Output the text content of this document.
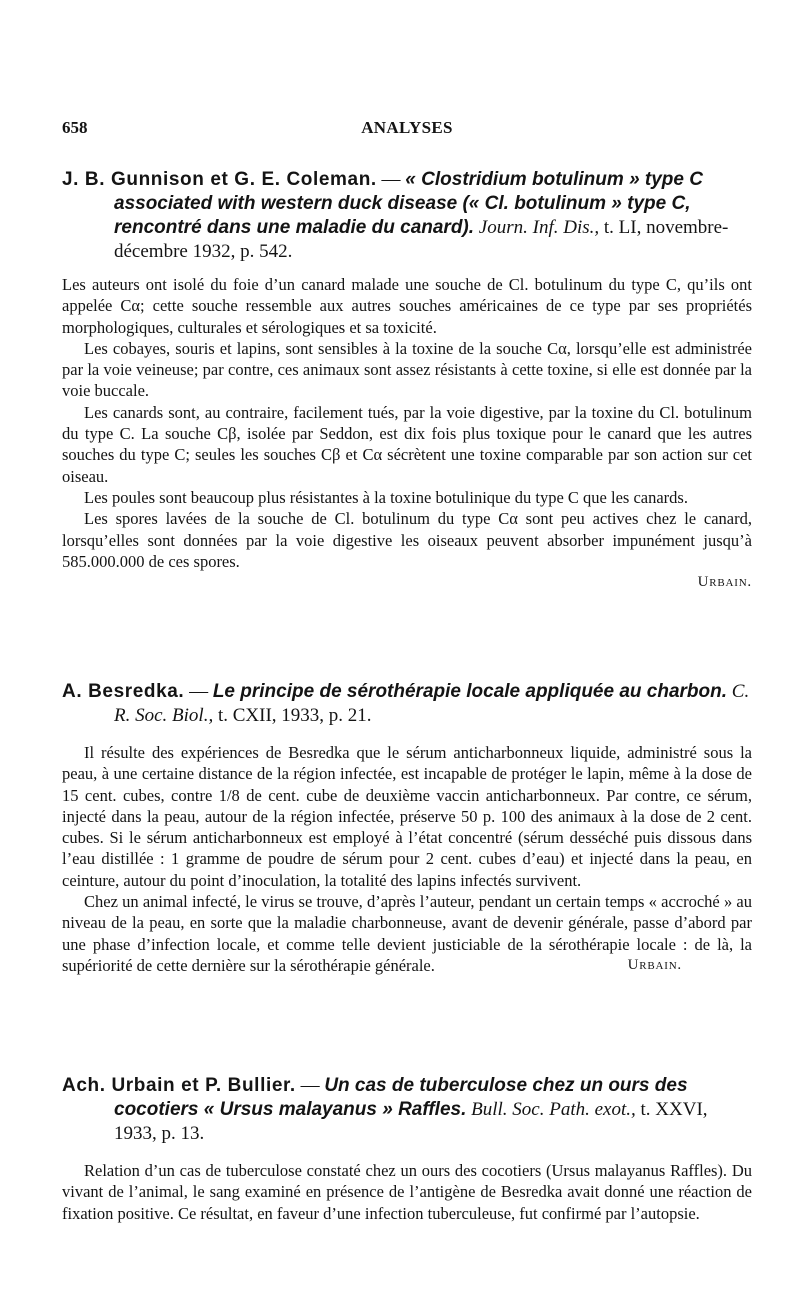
658	ANALYSES

J. B. Gunnison et G. E. Coleman. — « Clostridium botulinum » type C associated with western duck disease (« Cl. botulinum » type C, rencontré dans une maladie du canard). Journ. Inf. Dis., t. LI, novembre-décembre 1932, p. 542.

Les auteurs ont isolé du foie d’un canard malade une souche de Cl. botulinum du type C, qu’ils ont appelée Cα; cette souche ressemble aux autres souches américaines de ce type par ses propriétés morphologiques, culturales et sérologiques et sa toxicité.

Les cobayes, souris et lapins, sont sensibles à la toxine de la souche Cα, lorsqu’elle est administrée par la voie veineuse; par contre, ces animaux sont assez résistants à cette toxine, si elle est donnée par la voie buccale.

Les canards sont, au contraire, facilement tués, par la voie digestive, par la toxine du Cl. botulinum du type C. La souche Cβ, isolée par Seddon, est dix fois plus toxique pour le canard que les autres souches du type C; seules les souches Cβ et Cα sécrètent une toxine comparable par son action sur cet oiseau.

Les poules sont beaucoup plus résistantes à la toxine botulinique du type C que les canards.

Les spores lavées de la souche de Cl. botulinum du type Cα sont peu actives chez le canard, lorsqu’elles sont données par la voie digestive les oiseaux peuvent absorber impunément jusqu’à 585.000.000 de ces spores.

Urbain.

A. Besredka. — Le principe de sérothérapie locale appliquée au charbon. C. R. Soc. Biol., t. CXII, 1933, p. 21.

Il résulte des expériences de Besredka que le sérum anticharbonneux liquide, administré sous la peau, à une certaine distance de la région infectée, est incapable de protéger le lapin, même à la dose de 15 cent. cubes, contre 1/8 de cent. cube de deuxième vaccin anticharbonneux. Par contre, ce sérum, injecté dans la peau, autour de la région infectée, préserve 50 p. 100 des animaux à la dose de 2 cent. cubes. Si le sérum anticharbonneux est employé à l’état concentré (sérum desséché puis dissous dans l’eau distillée : 1 gramme de poudre de sérum pour 2 cent. cubes d’eau) et injecté dans la peau, en ceinture, autour du point d’inoculation, la totalité des lapins infectés survivent.

Chez un animal infecté, le virus se trouve, d’après l’auteur, pendant un certain temps « accroché » au niveau de la peau, en sorte que la maladie charbonneuse, avant de devenir générale, passe d’abord par une phase d’infection locale, et comme telle devient justiciable de la sérothérapie locale : de là, la supériorité de cette dernière sur la sérothérapie générale.	Urbain.

Ach. Urbain et P. Bullier. — Un cas de tuberculose chez un ours des cocotiers « Ursus malayanus » Raffles. Bull. Soc. Path. exot., t. XXVI, 1933, p. 13.

Relation d’un cas de tuberculose constaté chez un ours des cocotiers (Ursus malayanus Raffles). Du vivant de l’animal, le sang examiné en présence de l’antigène de Besredka avait donné une réaction de fixation positive. Ce résultat, en faveur d’une infection tuberculeuse, fut confirmé par l’autopsie.
